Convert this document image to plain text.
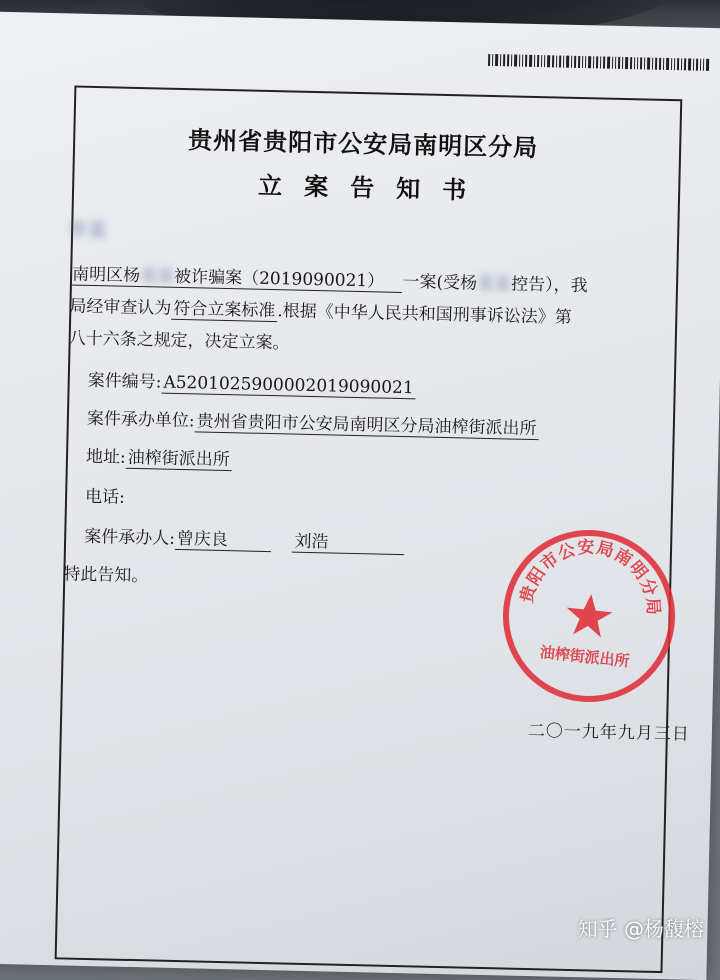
贵州省贵阳市公安局南明区分局
立案告知书
李某
南明区杨某某被诈骗案（2019090021） 一案(受杨某某控告），我
局经审查认为符合立案标准.根据《中华人民共和国刑事诉讼法》第
八十六条之规定，决定立案。
案件编号:A5201025900002019090021
案件承办单位:贵州省贵阳市公安局南明区分局油榨街派出所
地址:油榨街派出所
电话:
案件承办人:曾庆良	刘浩
特此告知。
二〇一九年九月三日
贵阳市公安局南明分局
油榨街派出所
知乎 @杨馥榕
